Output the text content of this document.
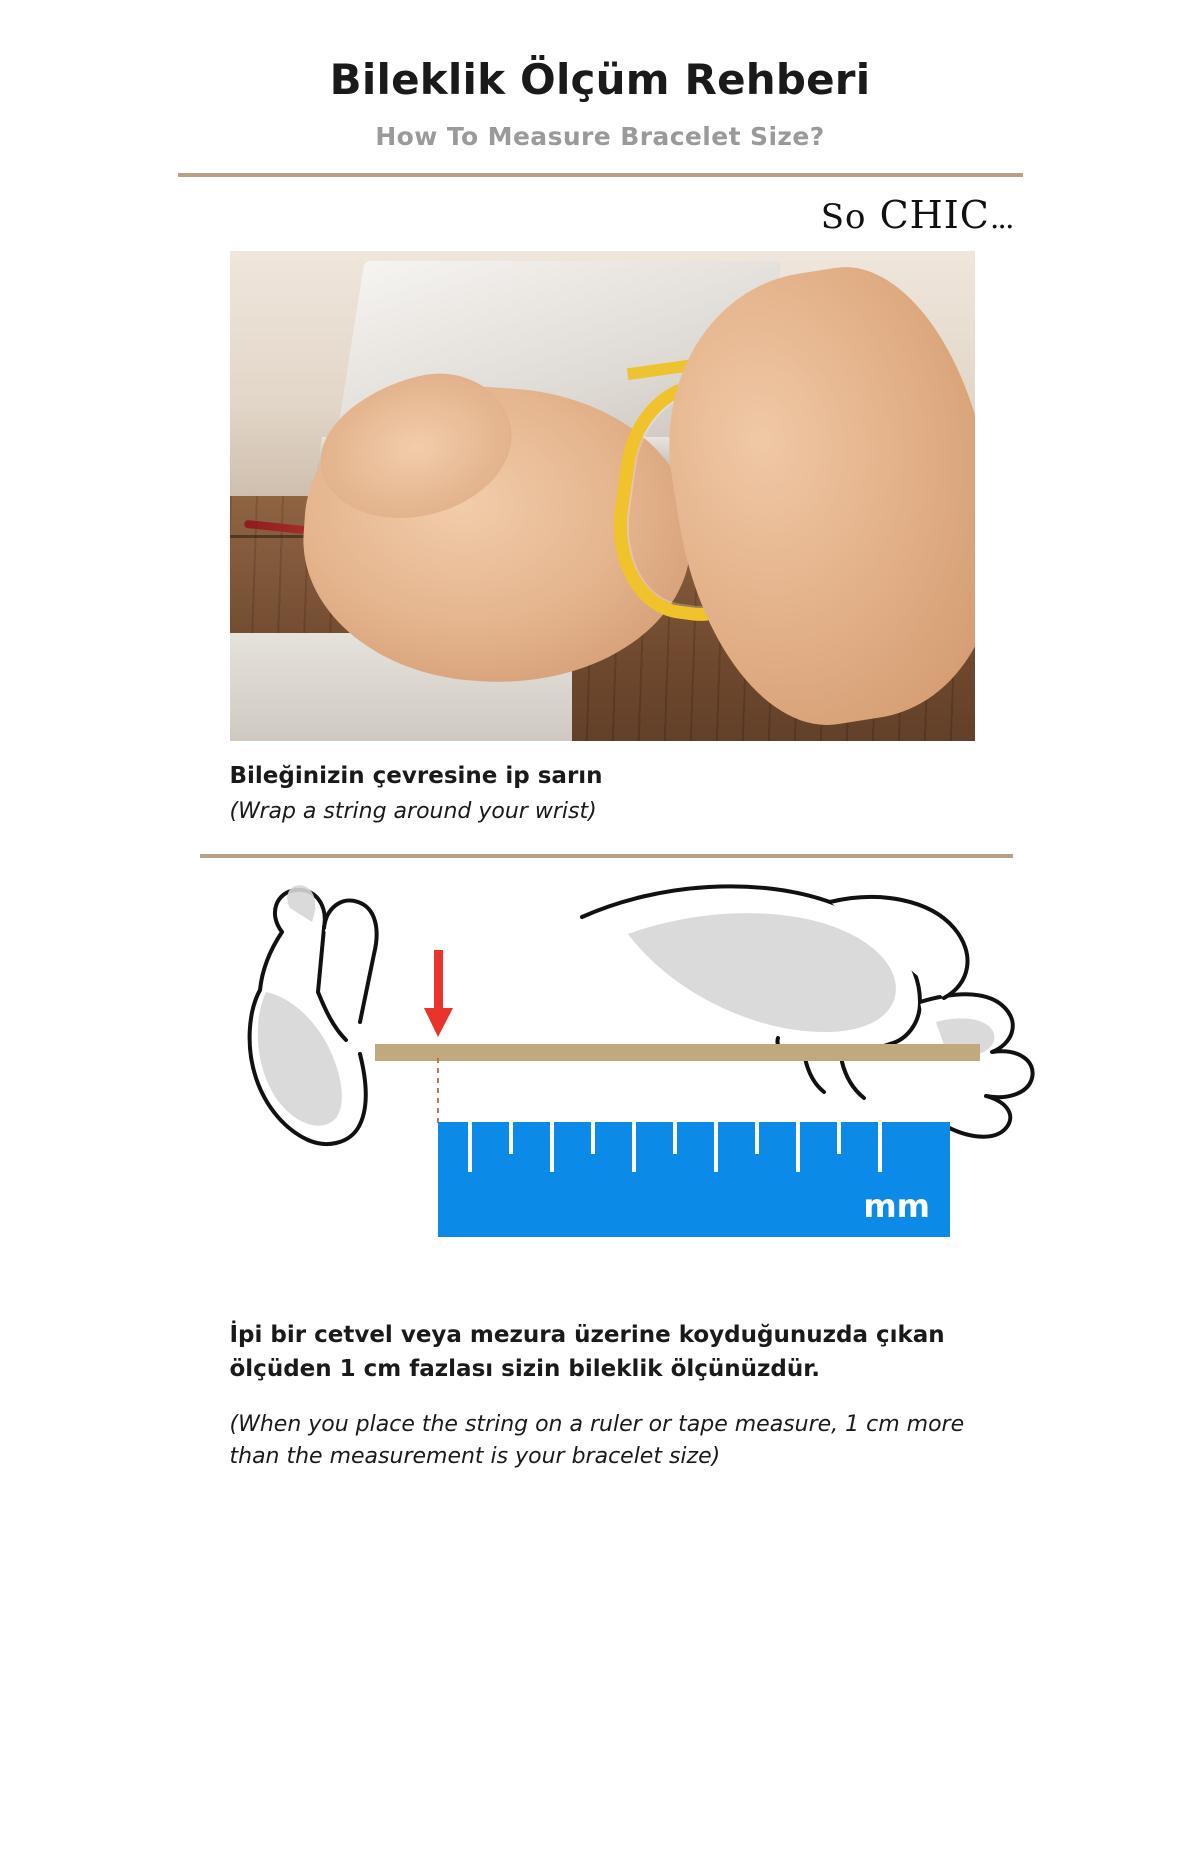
Bileklik Ölçüm Rehberi
How To Measure Bracelet Size?
So CHIC...

Bileğinizin çevresine ip sarın

(Wrap a string around your wrist)

mm

İpi bir cetvel veya mezura üzerine koyduğunuzda çıkan ölçüden 1 cm fazlası sizin bileklik ölçünüzdür.

(When you place the string on a ruler or tape measure, 1 cm more than the measurement is your bracelet size)
